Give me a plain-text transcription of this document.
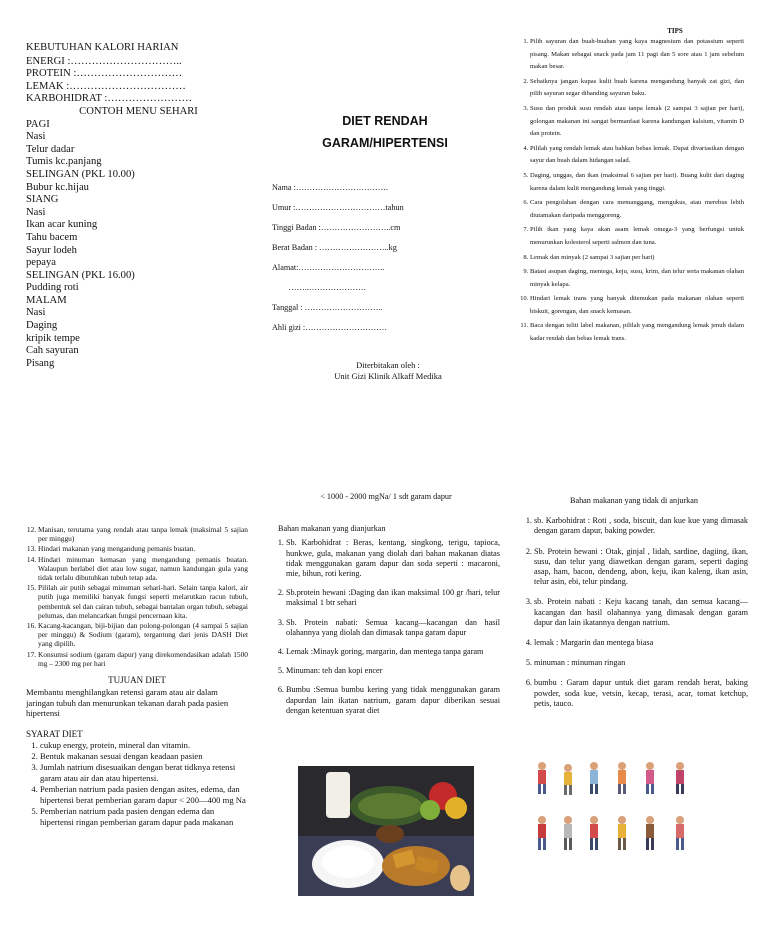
KEBUTUHAN KALORI HARIAN
ENERGI :…………………………..
PROTEIN :…………………………
LEMAK :……………………………
KARBOHIDRAT :……………………
CONTOH MENU SEHARI
PAGI
Nasi
Telur dadar
Tumis kc.panjang
SELINGAN (PKL 10.00)
Bubur kc.hijau
SIANG
Nasi
Ikan acar kuning
Tahu bacem
Sayur lodeh
pepaya
SELINGAN (PKL 16.00)
Pudding roti
MALAM
Nasi
Daging
kripik tempe
Cah sayuran
Pisang
DIET RENDAH
GARAM/HIPERTENSI
Nama :…………………………….
Umur :……………………………tahun
Tinggi Badan :……………………..cm
Berat Badan : ……………………..kg
Alamat:…………………………..
……..…………………
Tanggal : ………………………..
Ahli gizi :…………………………
Diterbitakan oleh :
Unit Gizi Klinik Alkaff Medika
TIPS
1. Pilih sayuran dan buah-buahan yang kaya magnesium dan potassium seperti pisang. Makan sebagai snack pada jam 11 pagi dan 5 sore atau 1 jam sebelum makan besar.
2. Sebaiknya jangan kupas kulit buah karena mengandung banyak zat gizi, dan pilih sayuran segar dibanding sayuran baku.
3. Susu dan produk susu rendah atau tanpa lemak (2 sampai 3 sajian per hari), golongan makanan ini sangat bermanfaat karena kandungan kalsium, vitamin D dan protein.
4. Pililah yang rendah lemak atau bahkan bebas lemak. Dapat divariasikan dengan sayur dan buah dalam hidangan salad.
5. Daging, unggas, dan ikan (maksimal 6 sajian per hari). Buang kulit dari daging karena dalam kulit mengandung lemak yang tinggi.
6. Cara pengolahan dengan cara memanggang, mengukus, atau merebus lebih diutamakan daripada menggoreng.
7. Pilih ikan yang kaya akan asam lemak omega-3 yang berfungsi untuk menurunkan kolesterol seperti salmon dan tuna.
8. Lemak dan minyak (2 sampai 3 sajian per hari)
9. Batasi asupan daging, mentega, keju, susu, krim, dan telur serta makanan olahan minyak kelapa.
10. Hindari lemak trans yang banyak ditemukan pada makanan olahan seperti biskuit, gorengan, dan snack kemasan.
11. Baca dengan teliti label makanan, pililah yang mengandung lemak jenuh dalam kadar rendah dan bebas lemak trans.
12. Manisan, terutama yang rendah atau tanpa lemak (maksimal 5 sajian per minggu)
13. Hindari makanan yang mengandung pemanis buatan.
14. Hindari minuman kemasan yang mengandung pemanis buatan. Walaupun berlabel diet atau low sugar, namun kandungan gula yang tidak terlalu dibutuhkan tubuh tetap ada.
15. Pililah air putih sebagai minuman sehari-hari. Selain tanpa kalori, air putih juga memiliki banyak fungsi seperti melarutkan racun tubuh, pembentuk sel dan cairan tubuh, sebagai bantalan organ tubuh, sebagai pelumas, dan melancarkan fungsi pencernaan kita.
16. Kacang-kacangan, biji-bijian dan polong-polongan (4 sampai 5 sajian per minggu) & Sodium (garam), tergantung dari jenis DASH Diet yang dipilih.
17. Konsumsi sodium (garam dapur) yang direkomendasikan adalah 1500 mg – 2300 mg per hari
TUJUAN DIET
Membantu menghilangkan retensi garam atau air dalam jaringan tubuh dan menurunkan tekanan darah pada pasien hipertensi
SYARAT DIET
1. cukup energy, protein, mineral dan vitamin.
2. Bentuk makanan sesuai dengan keadaan pasien
3. Jumlah natrium disesuaikan dengan berat tidknya retensi garam atau air dan atau hipertensi.
4. Pemberian natrium pada pasien dengan asites, edema, dan hipertensi berat pemberian garam dapur < 200—400 mg Na
5. Pemberian natrium pada pasien dengan edema dan hipertensi ringan pemberian garam dapur pada makanan
< 1000 - 2000 mgNa/ 1 sdt garam dapur
Bahan makanan yang dianjurkan
1. Sb. Karbohidrat : Beras, kentang, singkong, terigu, tapioca, hunkwe, gula, makanan yang diolah dari bahan makanan diatas tidak menggunakan garam dapur dan soda seperti : macaroni, mie, bihun, roti kering.
2. Sb.protein hewani :Daging dan ikan maksimal 100 gr /hari, telur maksimal 1 btr sehari
3. Sb. Protein nabati: Semua kacang—kacangan dan hasil olahannya yang diolah dan dimasak tanpa garam dapur
4. Lemak :Minayk goring, margarin, dan mentega tanpa garam
5. Minuman: teh dan kopi encer
6. Bumbu :Semua bumbu kering yang tidak menggunakan garam dapurdan lain ikatan natrium, garam dapur diberikan sesuai dengan ketentuan syarat diet
Bahan makanan yang tidak di anjurkan
1. sb. Karbohidrat : Roti , soda, biscuit, dan kue kue yang dimasak dengan garam dapur, baking powder.
2. Sb. Protein hewani : Otak, ginjal , lidah, sardine, dagiing, ikan, susu, dan telur yang diawetkan dengan garam, seperti daging asap, ham, bacon, dendeng, abon, keju, ikan kaleng, ikan asin, telur asin, ebi, telur pindang.
3. sb. Protein nabati : Keju kacang tanah, dan semua kacang—kacangan dan hasil olahannya yang dimasak dengan garam dapur dan lain ikatannya dengan natrium.
4. lemak : Margarin dan mentega biasa
5. minuman : minuman ringan
6. bumbu : Garam dapur untuk diet garam rendah berat, baking powder, soda kue, vetsin, kecap, terasi, acar, tomat ketchup, petis, tauco.
